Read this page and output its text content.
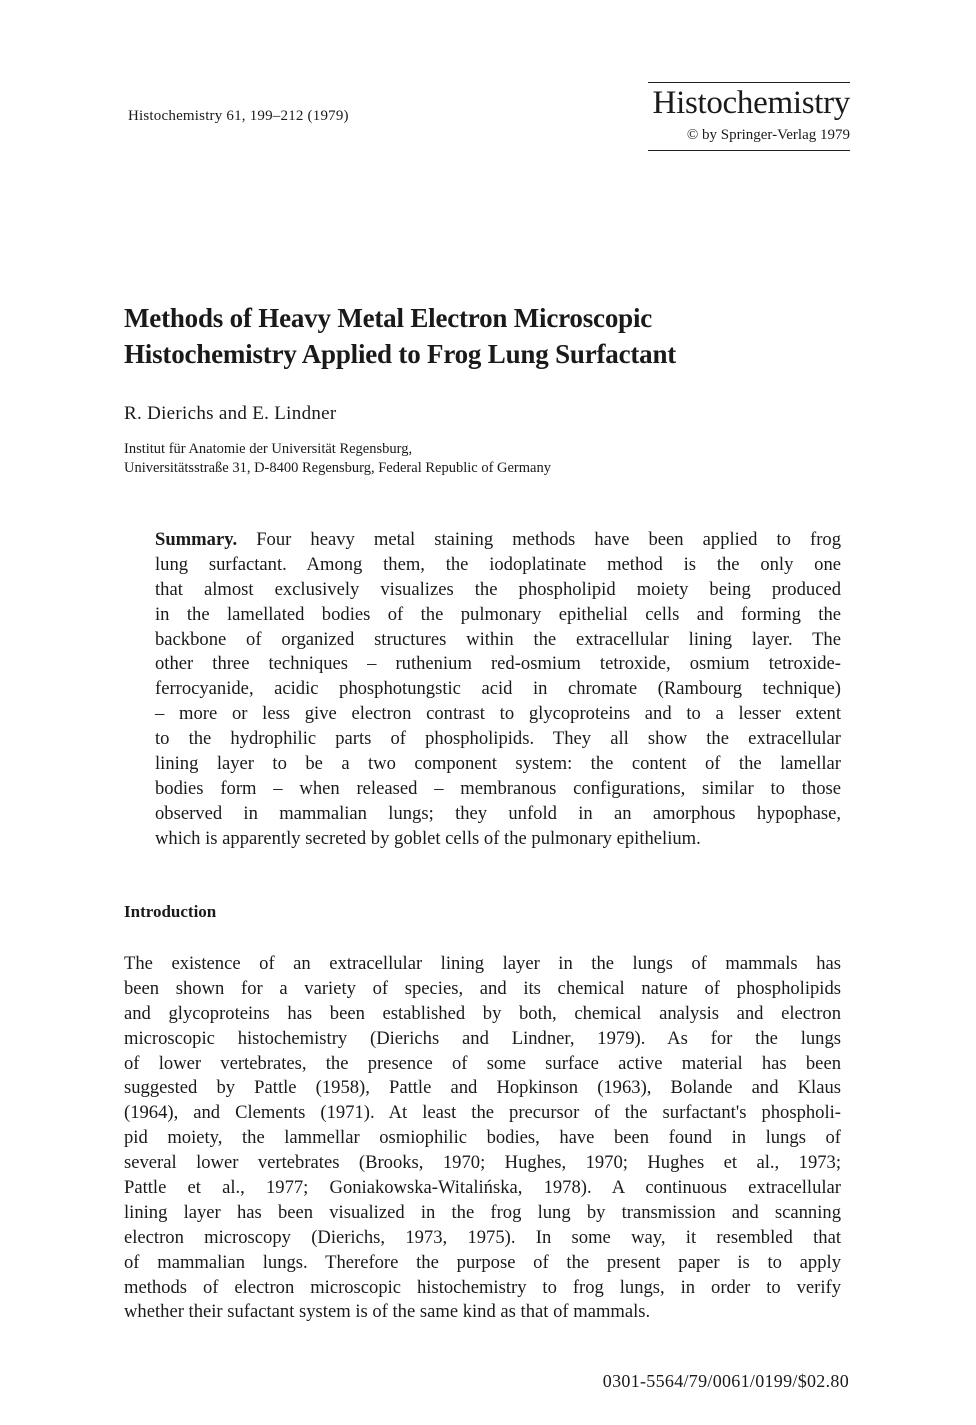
Histochemistry 61, 199–212 (1979)	Histochemistry
© by Springer-Verlag 1979
Methods of Heavy Metal Electron Microscopic
Histochemistry Applied to Frog Lung Surfactant
R. Dierichs and E. Lindner
Institut für Anatomie der Universität Regensburg,
Universitätsstraße 31, D-8400 Regensburg, Federal Republic of Germany
Summary. Four heavy metal staining methods have been applied to frog
lung surfactant. Among them, the iodoplatinate method is the only one
that almost exclusively visualizes the phospholipid moiety being produced
in the lamellated bodies of the pulmonary epithelial cells and forming the
backbone of organized structures within the extracellular lining layer. The
other three techniques – ruthenium red-osmium tetroxide, osmium tetroxide-
ferrocyanide, acidic phosphotungstic acid in chromate (Rambourg technique)
– more or less give electron contrast to glycoproteins and to a lesser extent
to the hydrophilic parts of phospholipids. They all show the extracellular
lining layer to be a two component system: the content of the lamellar
bodies form – when released – membranous configurations, similar to those
observed in mammalian lungs; they unfold in an amorphous hypophase,
which is apparently secreted by goblet cells of the pulmonary epithelium.
Introduction
The existence of an extracellular lining layer in the lungs of mammals has
been shown for a variety of species, and its chemical nature of phospholipids
and glycoproteins has been established by both, chemical analysis and electron
microscopic histochemistry (Dierichs and Lindner, 1979). As for the lungs
of lower vertebrates, the presence of some surface active material has been
suggested by Pattle (1958), Pattle and Hopkinson (1963), Bolande and Klaus
(1964), and Clements (1971). At least the precursor of the surfactant's phospholi-
pid moiety, the lammellar osmiophilic bodies, have been found in lungs of
several lower vertebrates (Brooks, 1970; Hughes, 1970; Hughes et al., 1973;
Pattle et al., 1977; Goniakowska-Witalińska, 1978). A continuous extracellular
lining layer has been visualized in the frog lung by transmission and scanning
electron microscopy (Dierichs, 1973, 1975). In some way, it resembled that
of mammalian lungs. Therefore the purpose of the present paper is to apply
methods of electron microscopic histochemistry to frog lungs, in order to verify
whether their sufactant system is of the same kind as that of mammals.
0301-5564/79/0061/0199/$02.80
